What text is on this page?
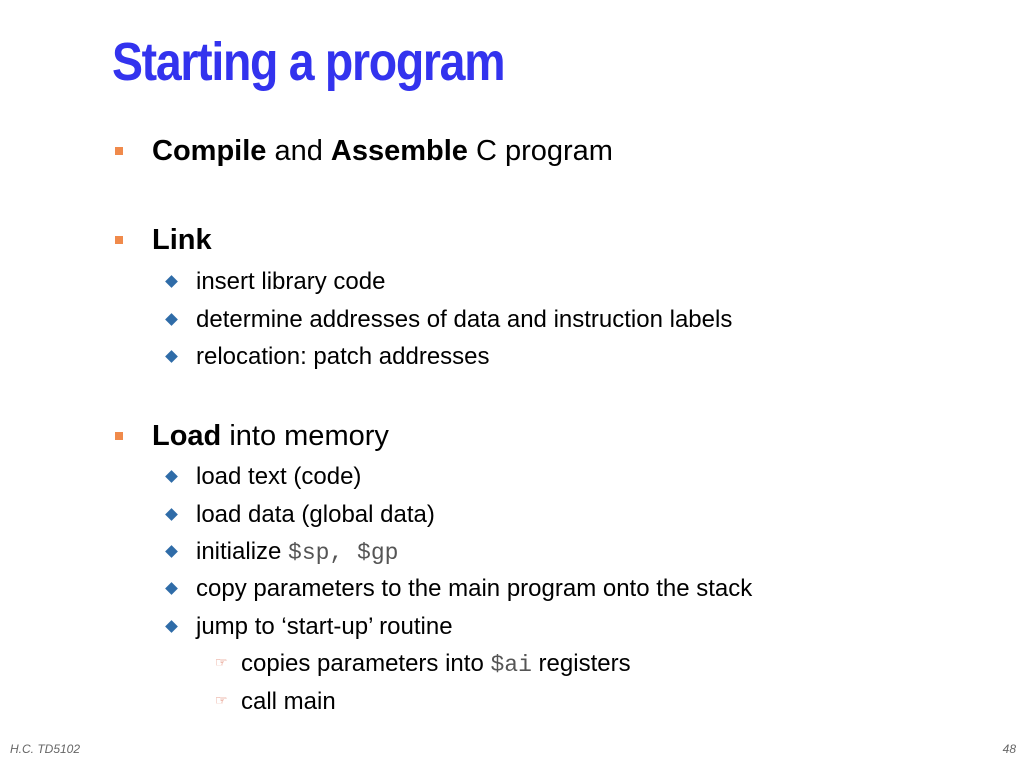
Starting a program
Compile and Assemble C program
Link
insert library code
determine addresses of data and instruction labels
relocation: patch addresses
Load into memory
load text (code)
load data (global data)
initialize $sp, $gp
copy parameters to the main program onto the stack
jump to ‘start-up’ routine
☞ copies parameters into $ai registers
☞ call main
H.C. TD5102	48
